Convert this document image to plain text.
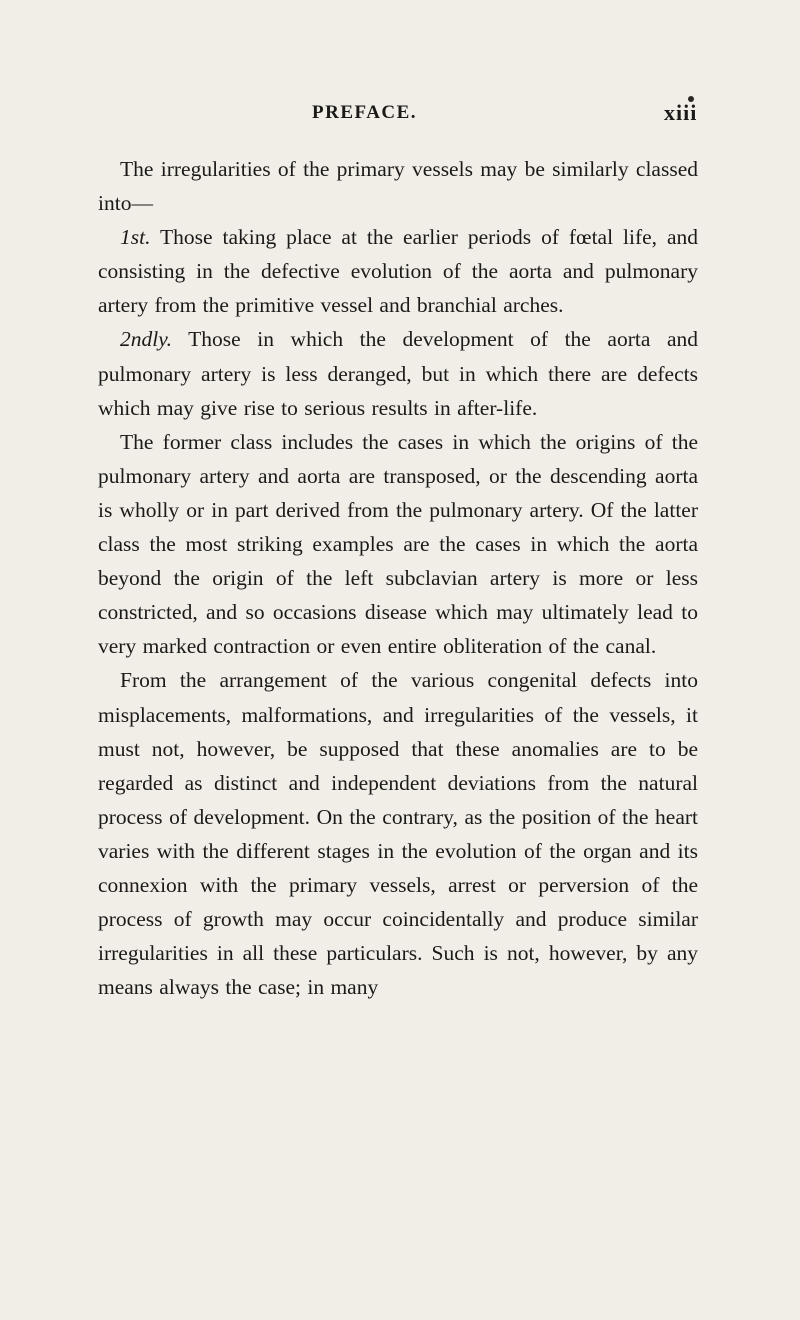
PREFACE.	xiii

The irregularities of the primary vessels may be similarly classed into—

1st. Those taking place at the earlier periods of fœtal life, and consisting in the defective evolution of the aorta and pulmonary artery from the primitive vessel and branchial arches.

2ndly. Those in which the development of the aorta and pulmonary artery is less deranged, but in which there are defects which may give rise to serious results in after-life.

The former class includes the cases in which the origins of the pulmonary artery and aorta are transposed, or the descending aorta is wholly or in part derived from the pulmonary artery. Of the latter class the most striking examples are the cases in which the aorta beyond the origin of the left subclavian artery is more or less constricted, and so occasions disease which may ultimately lead to very marked contraction or even entire obliteration of the canal.

From the arrangement of the various congenital defects into misplacements, malformations, and irregularities of the vessels, it must not, however, be supposed that these anomalies are to be regarded as distinct and independent deviations from the natural process of development. On the contrary, as the position of the heart varies with the different stages in the evolution of the organ and its connexion with the primary vessels, arrest or perversion of the process of growth may occur coincidentally and produce similar irregularities in all these particulars. Such is not, however, by any means always the case; in many
